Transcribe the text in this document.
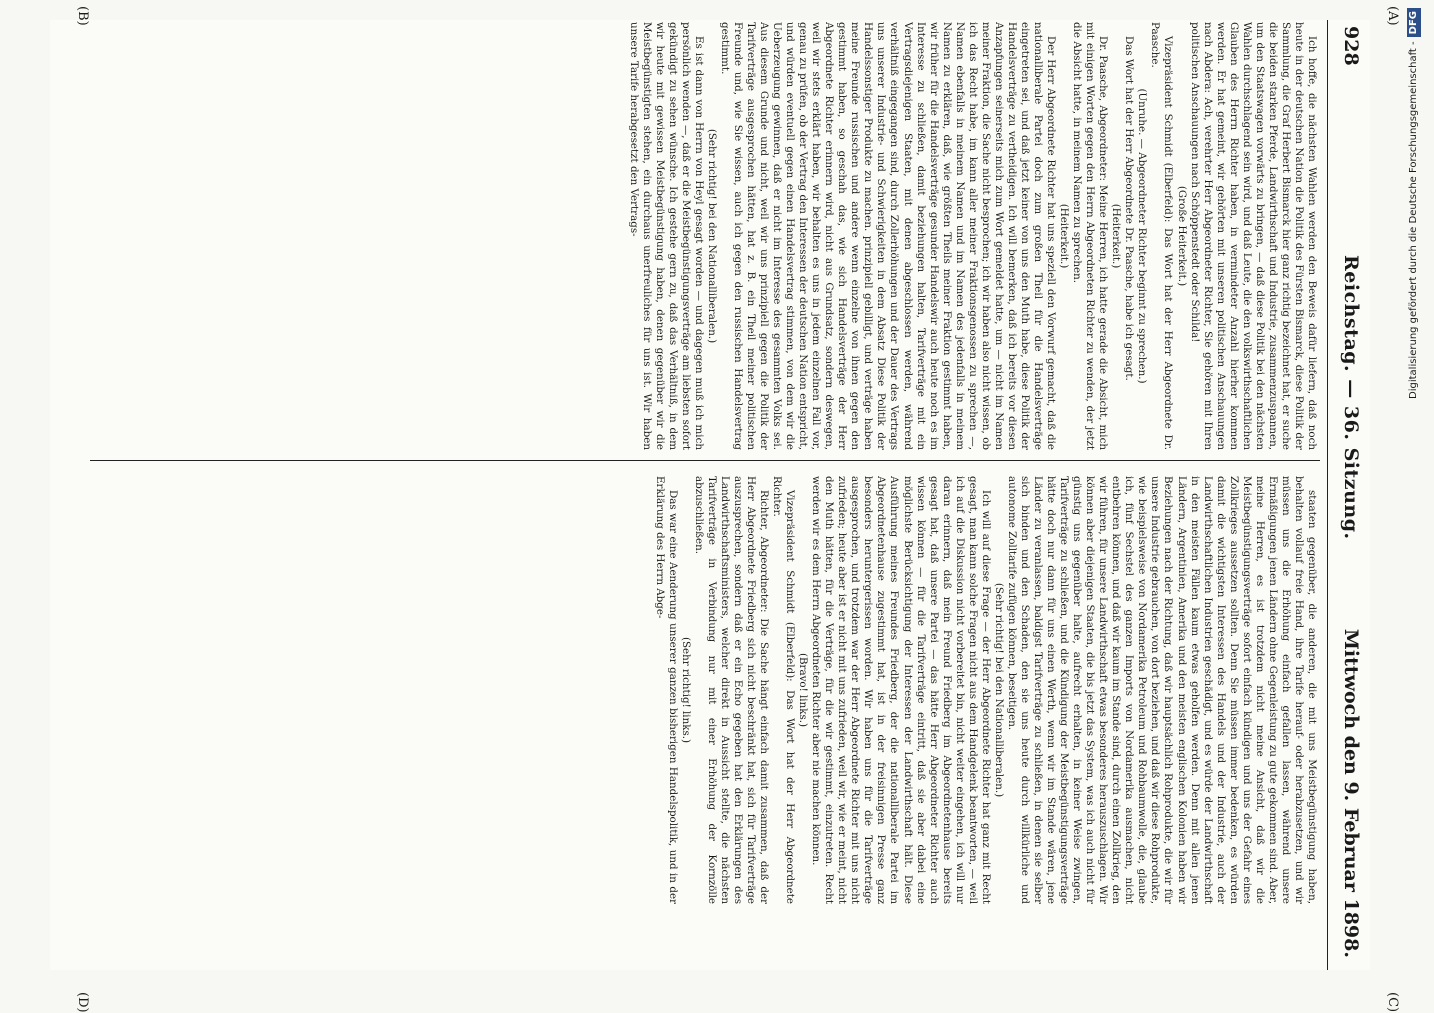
928
Reichstag. — 36. Sitzung.
Mittwoch den 9. Februar 1898.
(A)
(B)
(C)
(D)

Ich hoffe, die nächsten Wahlen werden den Beweis dafür liefern, daß noch heute in der deutschen Nation die Politik des Fürsten Bismarck, diese Politik der Sammlung, die Graf Herbert Bismarck hier ganz richtig bezeichnet hat, er suche die beiden starken Pferde, Landwirthschaft und Industrie, zusammenzuspannen, um den Staatswagen vorwärts zu bringen, — daß diese Politik bei den nächsten Wahlen durchschlagend sein wird, und daß Leute, die den volkswirthschaftlichen Glauben des Herrn Richter haben, in vermindeter Anzahl hierher kommen werden. Er hat gemeint, wir gehörten mit unseren politischen Anschauungen nach Abdera: Ach, verehrter Herr Abgeordneter Richter, Sie gehören mit Ihren politischen Anschauungen nach Schöppenstedt oder Schilda!

(Große Heiterkeit.)

Vizepräsident Schmidt (Elberfeld): Das Wort hat der Herr Abgeordnete Dr. Paasche.

(Unruhe. — Abgeordneter Richter beginnt zu sprechen.)

Das Wort hat der Herr Abgeordnete Dr. Paasche, habe ich gesagt.

(Heiterkeit.)

Dr. Paasche, Abgeordneter: Meine Herren, ich hatte gerade die Absicht, mich mit einigen Worten gegen den Herrn Abgeordneten Richter zu wenden, der jetzt die Absicht hatte, in meinem Namen zu sprechen.

(Heiterkeit.)

Der Herr Abgeordnete Richter hat uns speziell den Vorwurf gemacht, daß die nationalliberale Partei doch zum großen Theil für die Handelsverträge eingetreten sei, und daß jetzt keiner von uns den Muth habe, diese Politik der Handelsverträge zu vertheidigen. Ich will bemerken, daß ich bereits vor diesen Anzapfungen seinerseits mich zum Wort gemeldet hatte, um — nicht im Namen meiner Fraktion, die Sache nicht besprochen; ich wir haben also nicht wissen, ob ich das Recht habe, im kann aller meiner Fraktionsgenossen zu sprechen —, Namen ebenfalls in meinem Namen und im Namen des jedenfalls in meinem Namen zu erklären, daß, wie größten Theils meiner Fraktion gestimmt haben, wir früher für die Handelsverträge gesunder Handelswir auch heute noch es im Interesse zu schließen, damit beziehungen halten, Tarifverträge mit ein Vertragsdiejenigen Staaten, mit denen abgeschlossen werden, während verhältniß eingegangen sind, durch Zollerhöhungen und der Dauer des Vertrags uns unserer Industrie- und Schwierigkeiten in dem Absatz Diese Politik der Handelssonstiger Produkte zu machen. prinzipiell gebilligt, und verträge haben meine Freunde russischen und andere wenn einzelne von ihnen gegen den gestimmt haben, so geschah das, wie sich Handelsverträge der Herr Abgeordnete Richter erinnern wird, nicht aus Grundsatz, sondern deswegen, weil wir stets erklärt haben, wir behalten es uns in jedem einzelnen Fall vor, genau zu prüfen, ob der Vertrag den Interessen der deutschen Nation entspricht, und würden eventuell gegen einen Handelsvertrag stimmen, von dem wir die Ueberzeugung gewinnen, daß er nicht im Interesse des gesammten Volks sei. Aus diesem Grunde und nicht, weil wir uns prinzipiell gegen die Politik der Tarifverträge ausgesprochen hätten, hat z. B. ein Theil meiner politischen Freunde und, wie Sie wissen, auch ich gegen den russischen Handelsvertrag gestimmt.

(Sehr richtig! bei den Nationalliberalen.)

Es ist dann von Herrn von Heyl gesagt worden — und dagegen muß ich mich persönlich wenden —, daß er die Meistbegünstigungsverträge am liebsten sofort gekündigt zu sehen wünsche. Ich gestehe gern zu, daß das Verhältniß, in dem wir heute mit gewissen Meistbegünstigung haben, denen gegenüber wir die Meistbegünstigten stehen, ein durchaus unerfreuliches für uns ist. Wir haben unsere Tarife herabgesetzt den Vertrags-

staaten gegenüber, die anderen, die mit uns Meistbegünstigung haben, behalten vollauf freie Hand, ihre Tarife herauf- oder herabzusetzen, und wir müssen uns die Erhöhung einfach gefallen lassen, während unsere Ermäßigungen jenen Ländern ohne Gegenleistung zu gute gekommen sind. Aber, meine Herren, es ist trotzdem nicht meine Ansicht, daß wir die Meistbegünstigungsverträge sofort einfach kündigen und uns der Gefahr eines Zollkrieges aussetzen sollten. Denn Sie müssen immer bedenken, es würden damit die wichtigsten Interessen des Handels und der Industrie, auch der Landwirthschaftlichen Industrien geschädigt, und es würde der Landwirthschaft in den meisten Fällen kaum etwas geholfen werden. Denn mit allen jenen Ländern, Argentinien, Amerika und den meisten englischen Kolonien haben wir Beziehungen nach der Richtung, daß wir hauptsächlich Rohprodukte, die wir für unsere Industrie gebrauchen, von dort beziehen, und daß wir diese Rohprodukte, wie beispielsweise von Nordamerika Petroleum und Rohbaumwolle, die, glaube ich, fünf Sechstel des ganzen Imports von Nordamerika ausmachen, nicht entbehren können, und daß wir kaum im Stande sind, durch einen Zollkrieg, den wir führen, für unsere Landwirthschaft etwas besonderes herauszuschlagen. Wir können aber diejenigen Staaten, die bis jetzt das System, was ich auch nicht für günstig uns gegenüber halte, aufrecht erhalten, in keiner Weise zwingen, Tarifverträge zu schließen, und die Kündigung der Meistbegünstigungsverträge hätte doch nur dann für uns einen Werth, wenn wir im Stande wären, jene Länder zu veranlassen, baldigst Tarifverträge zu schließen, in denen sie selber sich binden und den Schaden, den sie uns heute durch willkürliche und autonome Zolltarife zufügen können, beseitigen.

(Sehr richtig! bei den Nationalliberalen.)

Ich will auf diese Frage — der Herr Abgeordnete Richter hat ganz mit Recht gesagt, man kann solche Fragen nicht aus dem Handgelenk beantworten, — weil ich auf die Diskussion nicht vorbereitet bin, nicht weiter eingehen, ich will nur daran erinnern, daß mein Freund Friedberg im Abgeordnetenhause bereits gesagt hat, daß unsere Partei — das hätte Herr Abgeordneter Richter auch wissen können — für die Tarifverträge eintritt, daß sie aber dabei eine möglichste Berücksichtigung der Interessen der Landwirthschaft hält. Diese Ausführung meines Freundes Friedberg, der die nationalliberale Partei im Abgeordnetenhause zugestimmt hat, ist in der freisinnigen Presse ganz besonders heruntergerissen worden. Wir haben uns für die Tarifverträge ausgesprochen, und trotzdem war der Herr Abgeordnete Richter mit uns nicht zufrieden; heute aber ist er nicht mit uns zufrieden, weil wir, wie er meint, nicht den Muth hätten, für die Verträge, für die wir gestimmt, einzutreten. Recht werden wir es dem Herrn Abgeordneten Richter aber nie machen können.

(Bravo! links.)

Vizepräsident Schmidt (Elberfeld): Das Wort hat der Herr Abgeordnete Richter.

Richter, Abgeordneter: Die Sache hängt einfach damit zusammen, daß der Herr Abgeordnete Friedberg sich nicht beschränkt hat, sich für Tarifverträge auszusprechen, sondern daß er ein Echo gegeben hat den Erklärungen des Landwirthschaftsministers, welcher direkt in Aussicht stellte, die nächsten Tarifverträge in Verbindung nur mit einer Erhöhung der Kornzölle abzuschließen.

(Sehr richtig! links.)

Das war eine Aenderung unserer ganzen bisherigen Handelspolitik, und in der Erklärung des Herrn Abge-

Digitalisierung gefördert durch die Deutsche Forschungsgemeinschaft -DFG
